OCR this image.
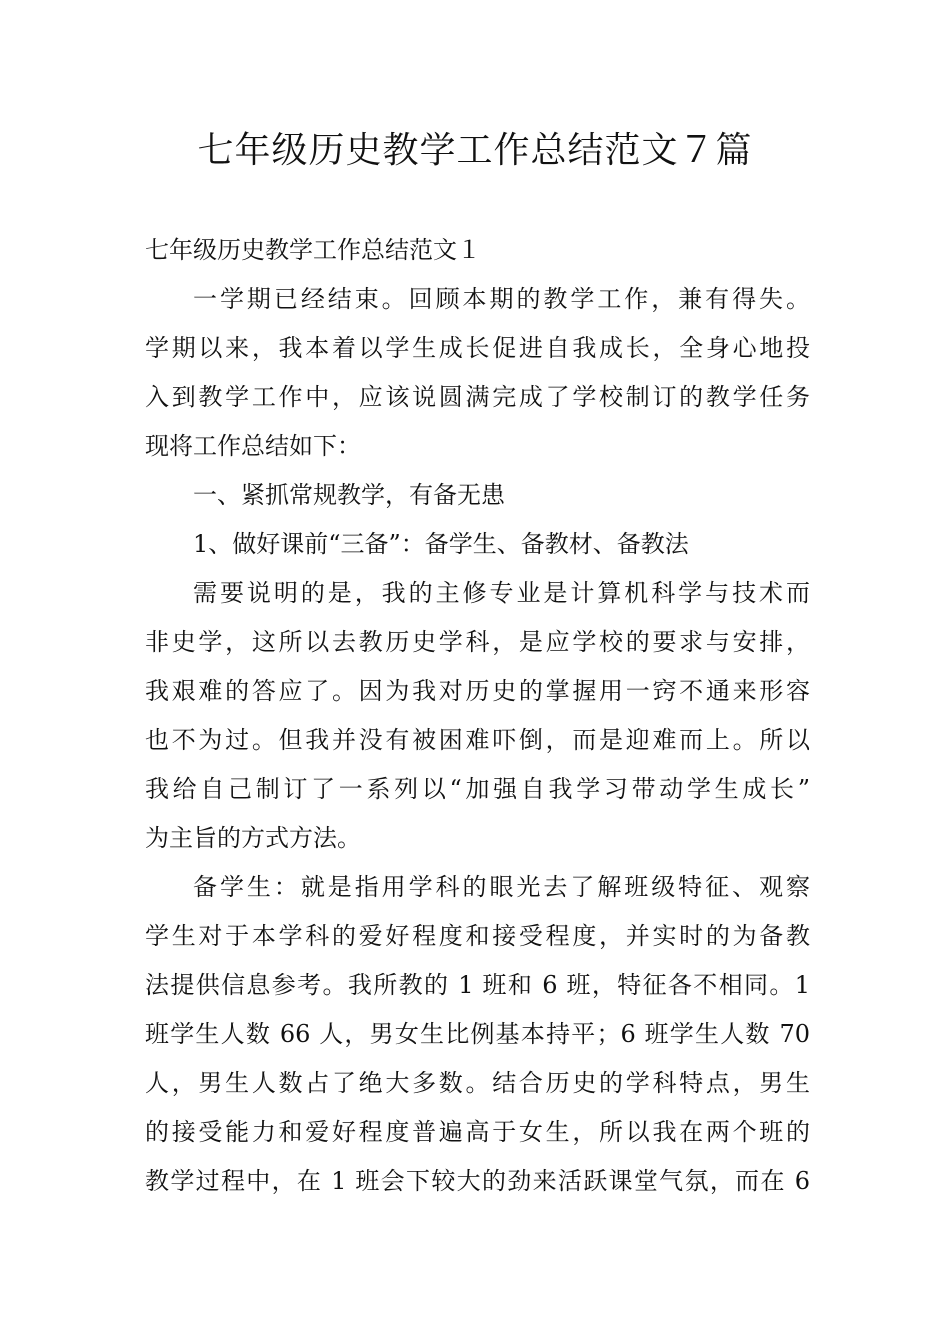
七年级历史教学工作总结范文７篇

七年级历史教学工作总结范文１

一学期已经结束。回顾本期的教学工作，兼有得失。

学期以来，我本着以学生成长促进自我成长，全身心地投

入到教学工作中，应该说圆满完成了学校制订的教学任务

现将工作总结如下：

一、紧抓常规教学，有备无患

1、做好课前“三备”：备学生、备教材、备教法

需要说明的是，我的主修专业是计算机科学与技术而

非史学，这所以去教历史学科，是应学校的要求与安排，

我艰难的答应了。因为我对历史的掌握用一窍不通来形容

也不为过。但我并没有被困难吓倒，而是迎难而上。所以

我给自己制订了一系列以“加强自我学习带动学生成长”

为主旨的方式方法。

备学生：就是指用学科的眼光去了解班级特征、观察

学生对于本学科的爱好程度和接受程度，并实时的为备教

法提供信息参考。我所教的 1 班和 6 班，特征各不相同。1

班学生人数 66 人，男女生比例基本持平；6 班学生人数 70

人，男生人数占了绝大多数。结合历史的学科特点，男生

的接受能力和爱好程度普遍高于女生，所以我在两个班的

教学过程中，在 1 班会下较大的劲来活跃课堂气氛，而在 6
